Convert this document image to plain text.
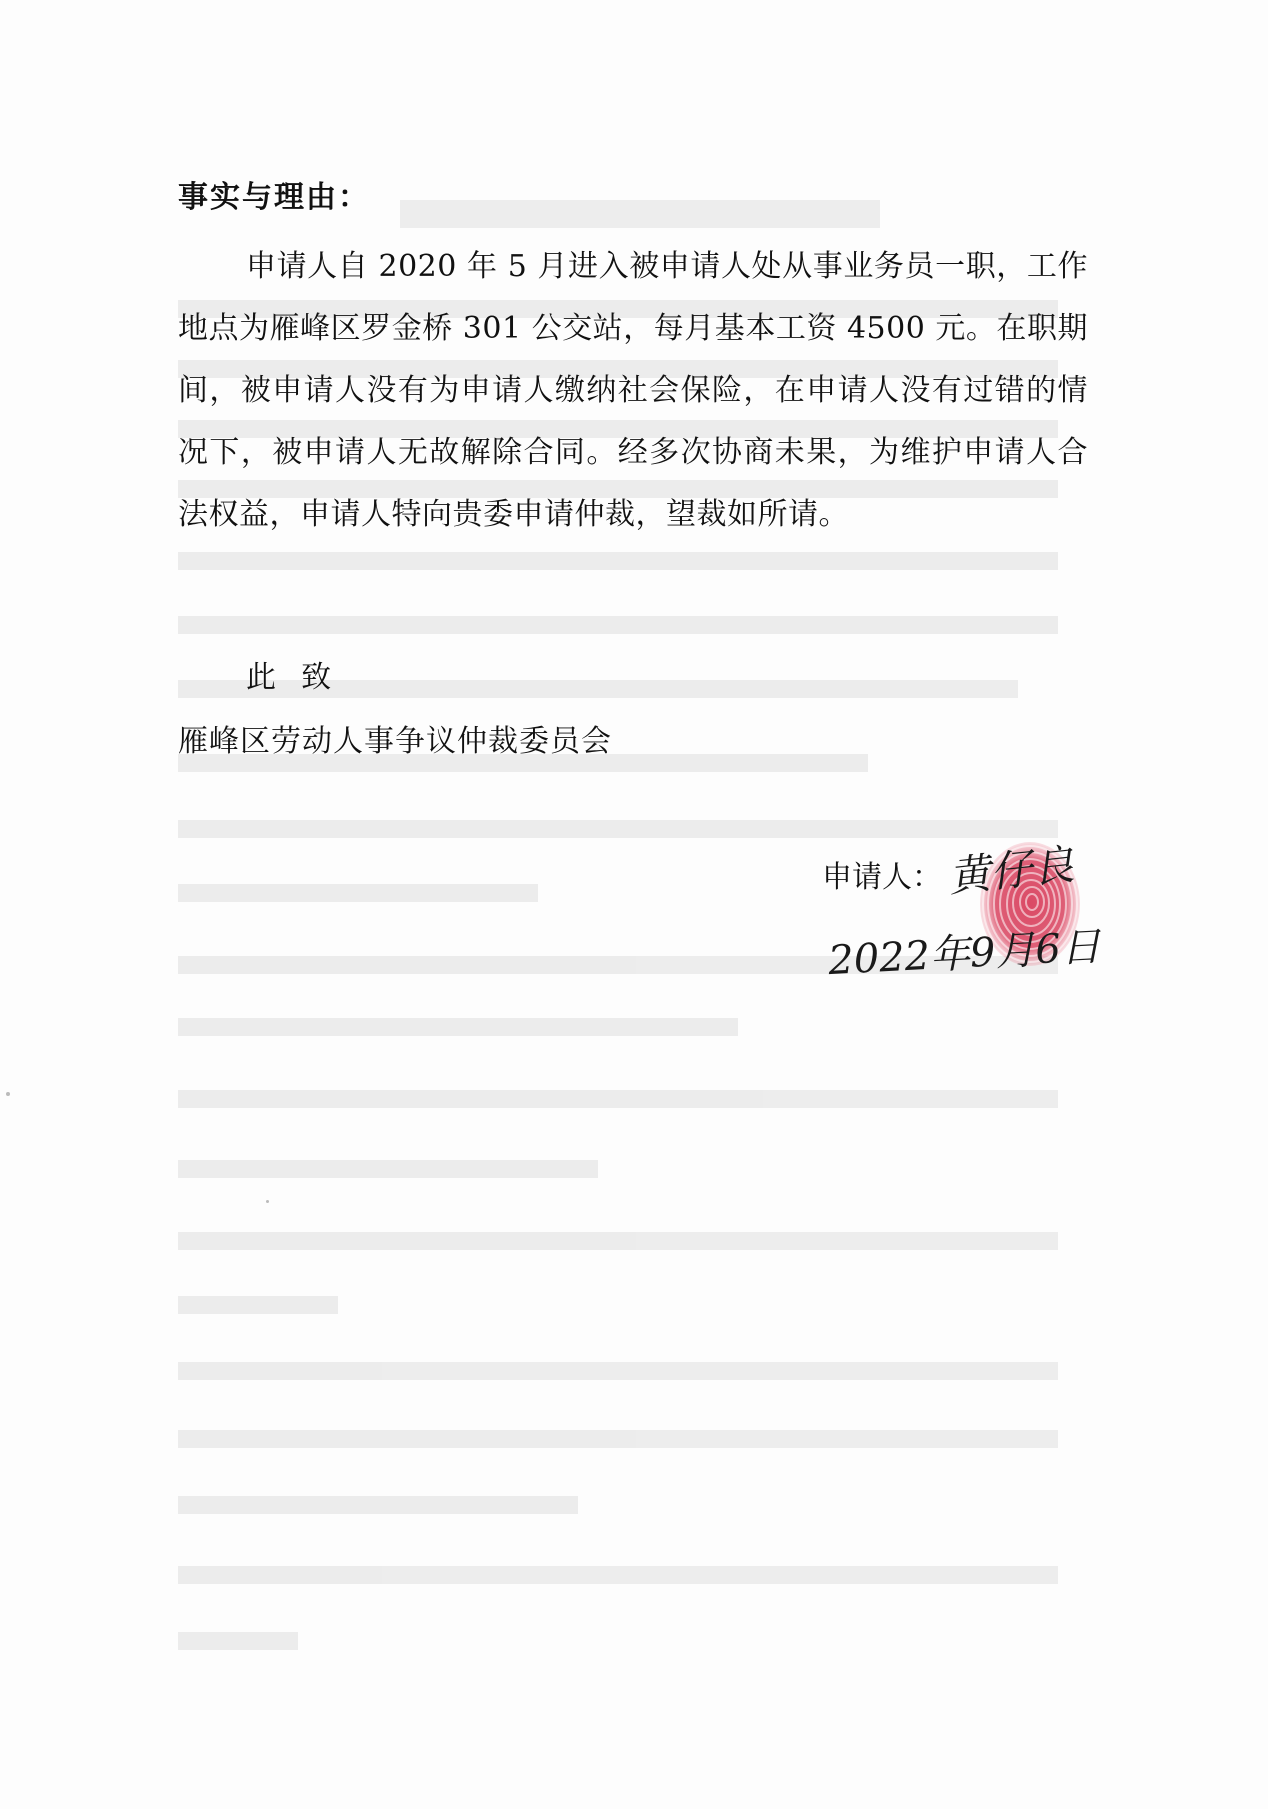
事实与理由：

申请人自 2020 年 5 月进入被申请人处从事业务员一职，工作地点为雁峰区罗金桥 301 公交站，每月基本工资 4500 元。在职期间，被申请人没有为申请人缴纳社会保险，在申请人没有过错的情况下，被申请人无故解除合同。经多次协商未果，为维护申请人合法权益，申请人特向贵委申请仲裁，望裁如所请。

此  致
雁峰区劳动人事争议仲裁委员会
申请人： 黄仔良
2022年9月6日
